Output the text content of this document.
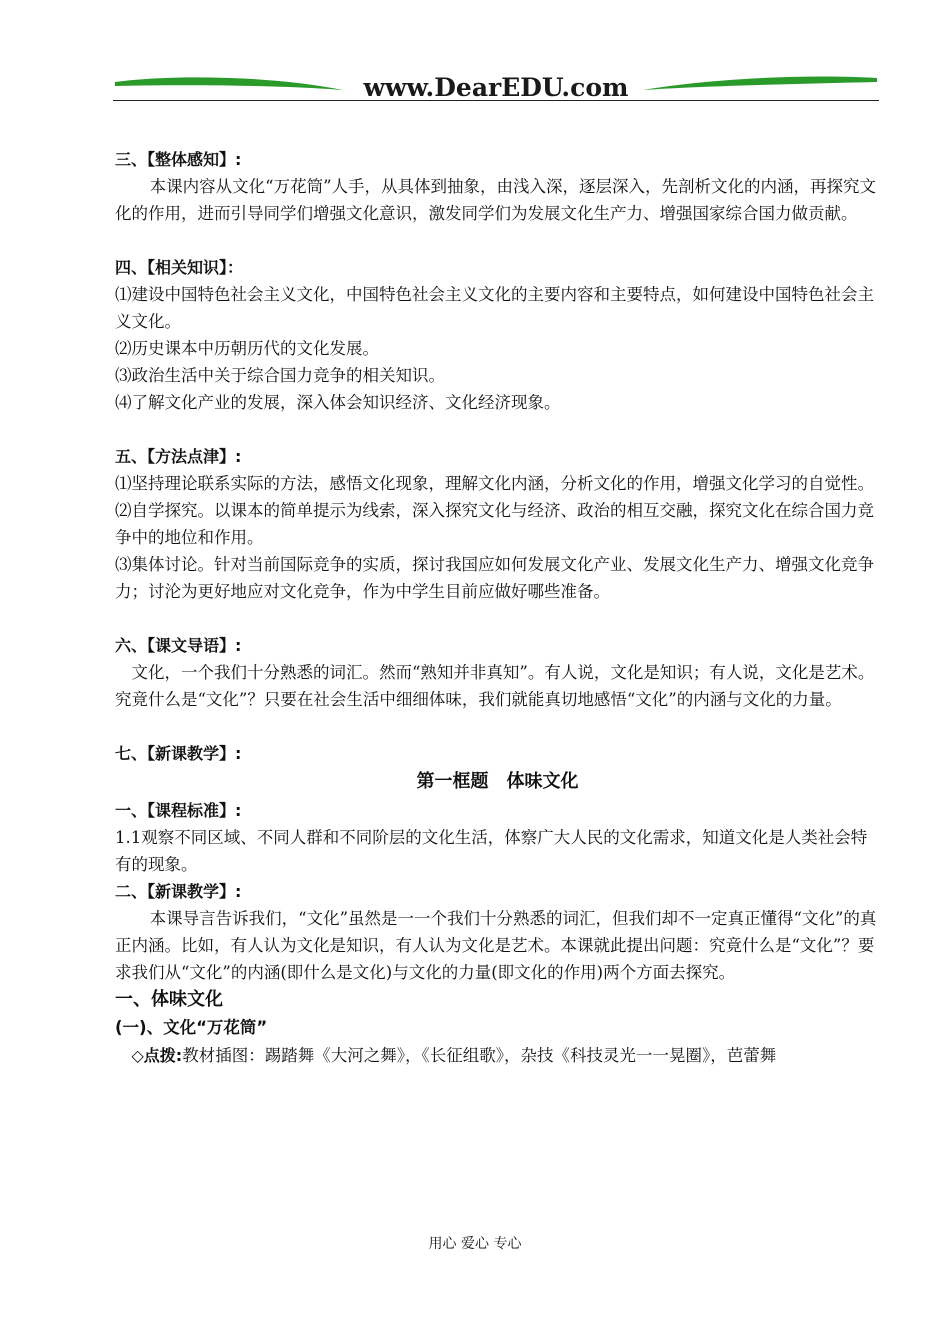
www.DearEDU.com

三、【整体感知】:

本课内容从文化“万花筒”人手，从具体到抽象，由浅入深，逐层深入，先剖析文化的内涵，再探究文化的作用，进而引导同学们增强文化意识，激发同学们为发展文化生产力、增强国家综合国力做贡献。

四、【相关知识】：

⑴建设中国特色社会主义文化，中国特色社会主义文化的主要内容和主要特点，如何建设中国特色社会主义文化。

⑵历史课本中历朝历代的文化发展。

⑶政治生活中关于综合国力竞争的相关知识。

⑷了解文化产业的发展，深入体会知识经济、文化经济现象。

五、【方法点津】:

⑴坚持理论联系实际的方法，感悟文化现象，理解文化内涵，分析文化的作用，增强文化学习的自觉性。

⑵自学探究。以课本的简单提示为线索，深入探究文化与经济、政治的相互交融，探究文化在综合国力竞争中的地位和作用。

⑶集体讨论。针对当前国际竞争的实质，探讨我国应如何发展文化产业、发展文化生产力、增强文化竞争力；讨沦为更好地应对文化竞争，作为中学生目前应做好哪些准备。

六、【课文导语】:

文化，一个我们十分熟悉的词汇。然而“熟知并非真知”。有人说，文化是知识；有人说，文化是艺术。究竟什么是“文化”？只要在社会生活中细细体味，我们就能真切地感悟“文化”的内涵与文化的力量。

七、【新课教学】:

第一框题　体味文化

一、【课程标准】:

1.1观察不同区域、不同人群和不同阶层的文化生活，体察广大人民的文化需求，知道文化是人类社会特有的现象。

二、【新课教学】:

本课导言告诉我们，“文化”虽然是一一个我们十分熟悉的词汇，但我们却不一定真正懂得“文化”的真正内涵。比如，有人认为文化是知识，有人认为文化是艺术。本课就此提出问题：究竟什么是“文化”？要求我们从“文化”的内涵(即什么是文化)与文化的力量(即文化的作用)两个方面去探究。

一、体味文化

(一)、文化“万花筒”

◇点拨:教材插图：踢踏舞《大河之舞》，《长征组歌》，杂技《科技灵光一一晃圈》，芭蕾舞

用心 爱心 专心
